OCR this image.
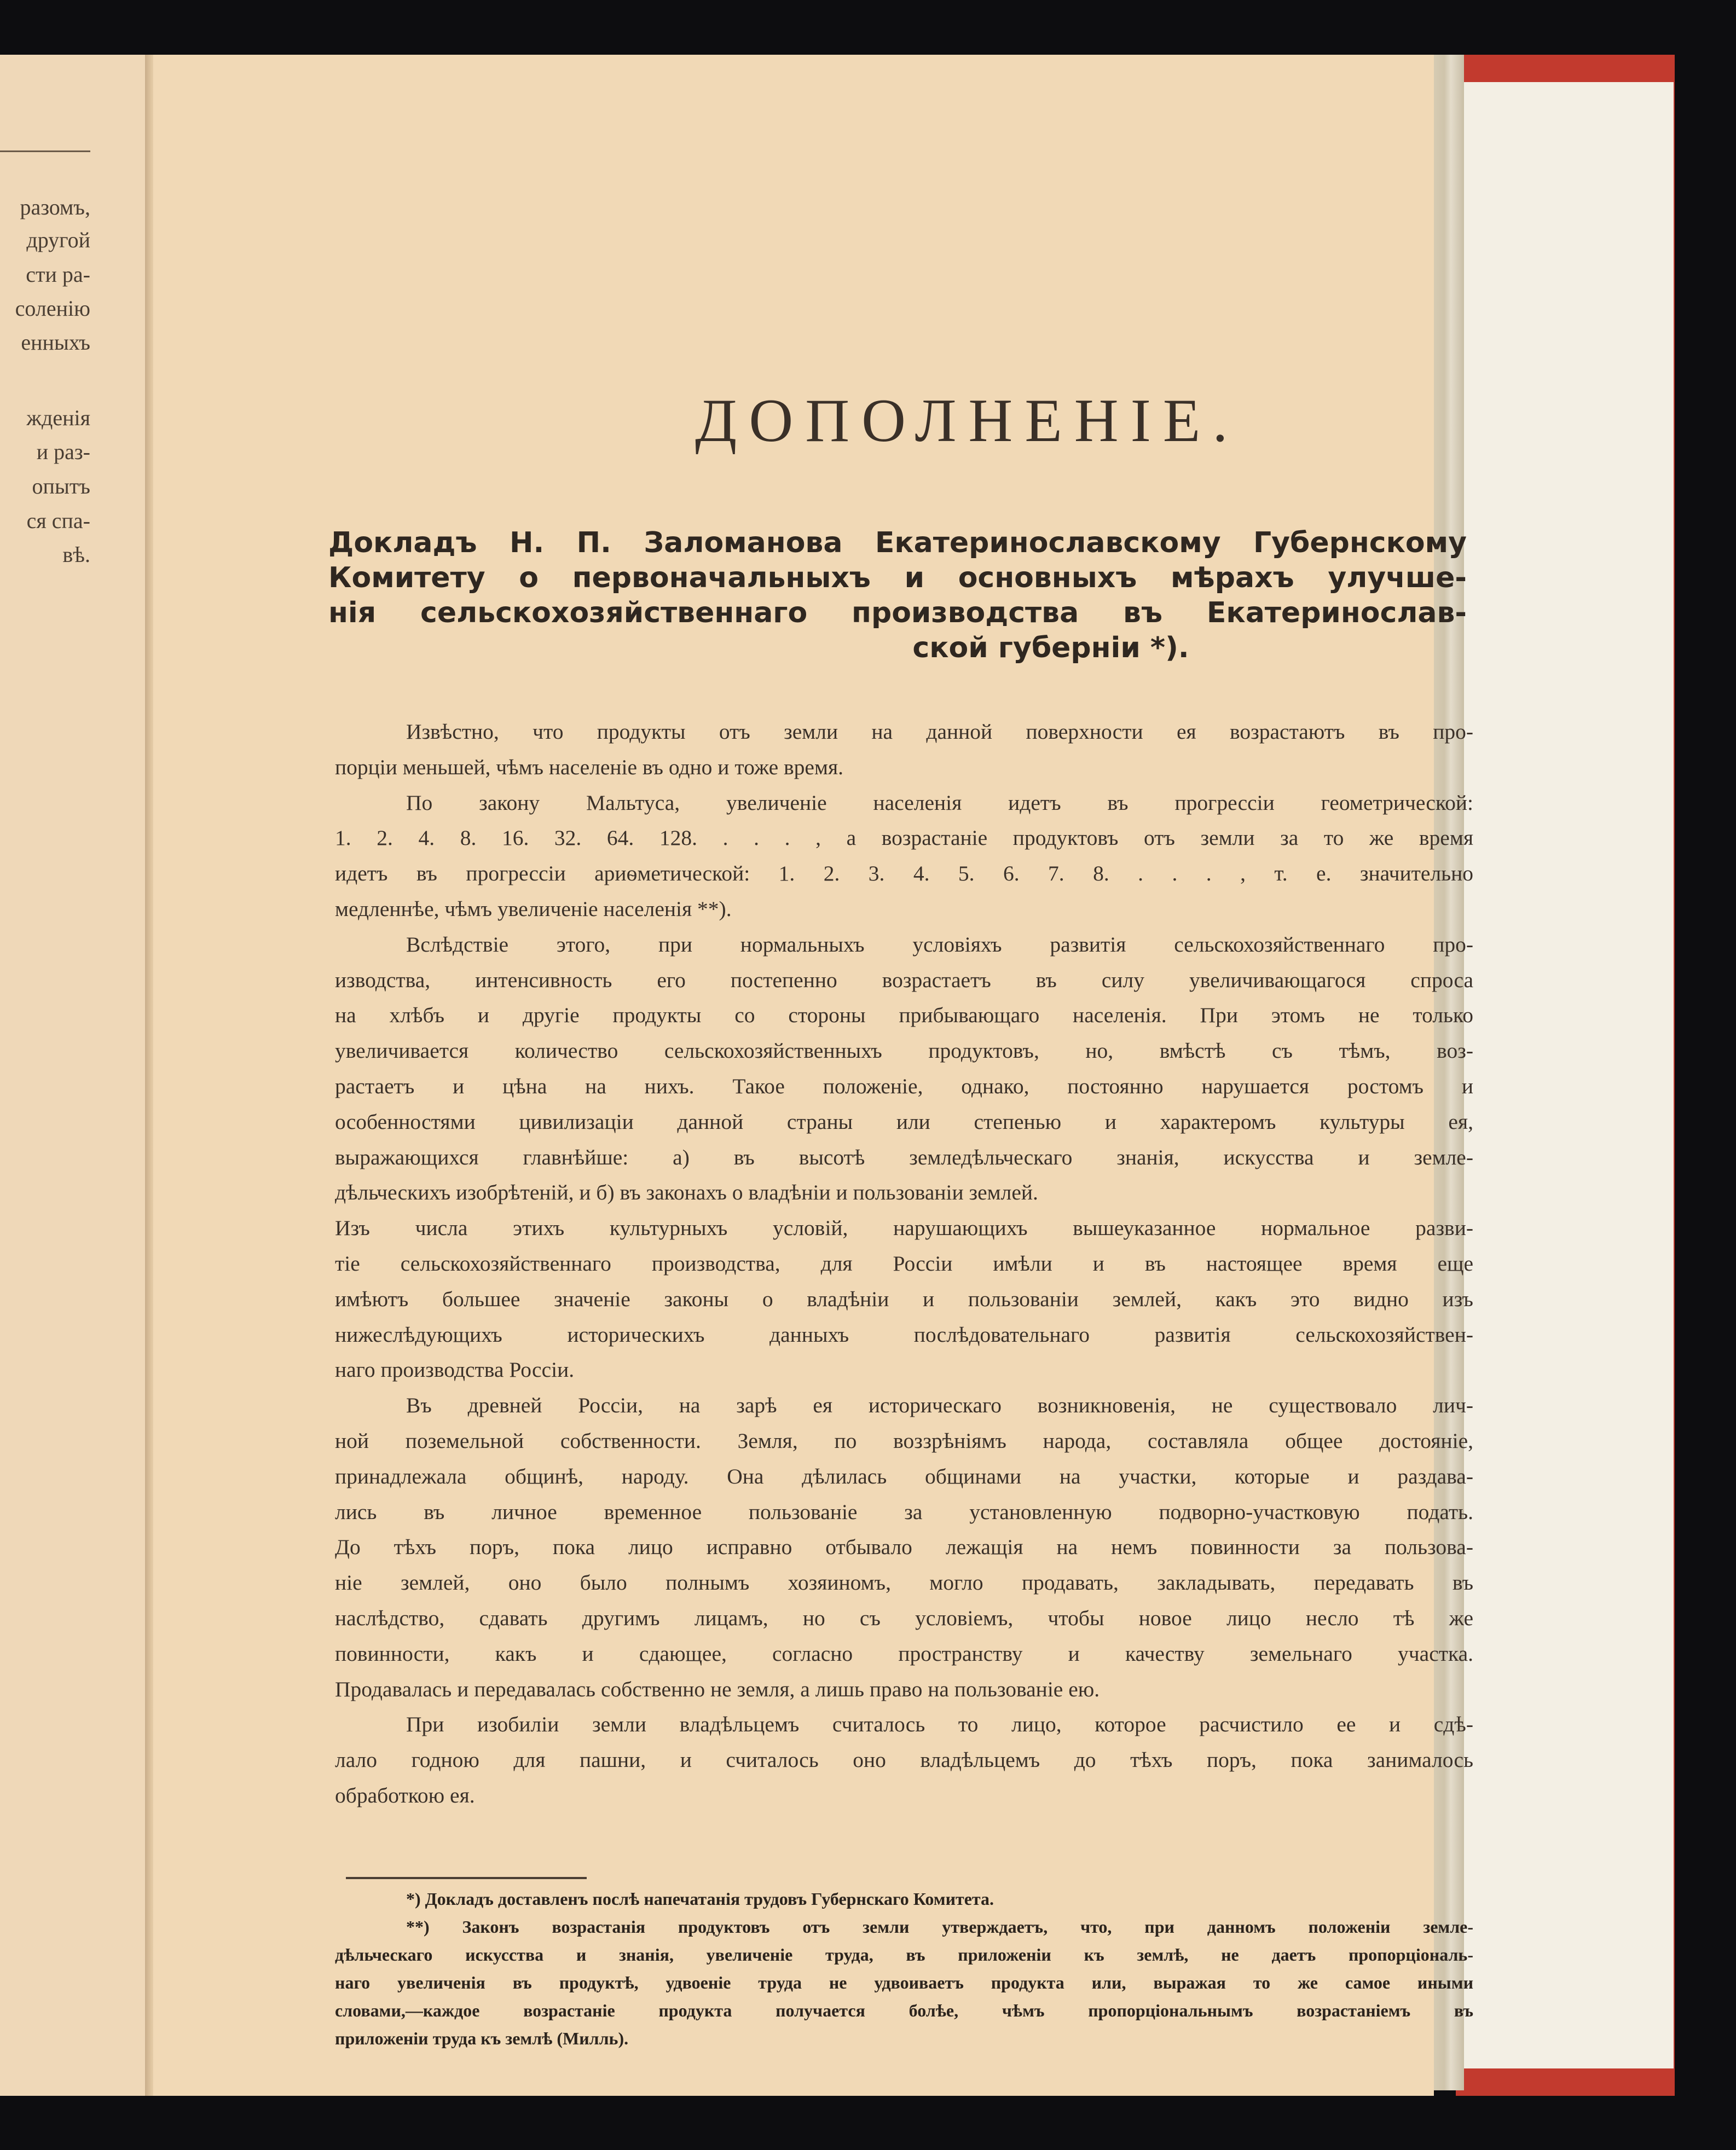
разомъ,
другой
сти ра-
соленію
енныхъ
жденія
и раз-
опытъ
ся спа-
вѣ.
ДОПОЛНЕНІЕ.
Докладъ Н. П. Заломанова Екатеринославскому Губернскому
Комитету о первоначальныхъ и основныхъ мѣрахъ улучше-
нія сельскохозяйственнаго производства въ Екатеринослав-
ской губерніи *).
Извѣстно, что продукты отъ земли на данной поверхности ея возрастаютъ въ про-
порціи меньшей, чѣмъ населеніе въ одно и тоже время.
По закону Мальтуса, увеличеніе населенія идетъ въ прогрессіи геометрической:
1. 2. 4. 8. 16. 32. 64. 128. . . . , а возрастаніе продуктовъ отъ земли за то же время
идетъ въ прогрессіи ариѳметической: 1. 2. 3. 4. 5. 6. 7. 8. . . . , т. е. значительно
медленнѣе, чѣмъ увеличеніе населенія **).
Вслѣдствіе этого, при нормальныхъ условіяхъ развитія сельскохозяйственнаго про-
изводства, интенсивность его постепенно возрастаетъ въ силу увеличивающагося спроса
на хлѣбъ и другіе продукты со стороны прибывающаго населенія. При этомъ не только
увеличивается количество сельскохозяйственныхъ продуктовъ, но, вмѣстѣ съ тѣмъ, воз-
растаетъ и цѣна на нихъ. Такое положеніе, однако, постоянно нарушается ростомъ и
особенностями цивилизаціи данной страны или степенью и характеромъ культуры ея,
выражающихся главнѣйше: а) въ высотѣ земледѣльческаго знанія, искусства и земле-
дѣльческихъ изобрѣтеній, и б) въ законахъ о владѣніи и пользованіи землей.
Изъ числа этихъ культурныхъ условій, нарушающихъ вышеуказанное нормальное разви-
тіе сельскохозяйственнаго производства, для Россіи имѣли и въ настоящее время еще
имѣютъ большее значеніе законы о владѣніи и пользованіи землей, какъ это видно изъ
нижеслѣдующихъ историческихъ данныхъ послѣдовательнаго развитія сельскохозяйствен-
наго производства Россіи.
Въ древней Россіи, на зарѣ ея историческаго возникновенія, не существовало лич-
ной поземельной собственности. Земля, по воззрѣніямъ народа, составляла общее достояніе,
принадлежала общинѣ, народу. Она дѣлилась общинами на участки, которые и раздава-
лись въ личное временное пользованіе за установленную подворно-участковую подать.
До тѣхъ поръ, пока лицо исправно отбывало лежащія на немъ повинности за пользова-
ніе землей, оно было полнымъ хозяиномъ, могло продавать, закладывать, передавать въ
наслѣдство, сдавать другимъ лицамъ, но съ условіемъ, чтобы новое лицо несло тѣ же
повинности, какъ и сдающее, согласно пространству и качеству земельнаго участка.
Продавалась и передавалась собственно не земля, а лишь право на пользованіе ею.
При изобиліи земли владѣльцемъ считалось то лицо, которое расчистило ее и сдѣ-
лало годною для пашни, и считалось оно владѣльцемъ до тѣхъ поръ, пока занималось
обработкою ея.
*) Докладъ доставленъ послѣ напечатанія трудовъ Губернскаго Комитета.
**) Законъ возрастанія продуктовъ отъ земли утверждаетъ, что, при данномъ положеніи земле-
дѣльческаго искусства и знанія, увеличеніе труда, въ приложеніи къ землѣ, не даетъ пропорціональ-
наго увеличенія въ продуктѣ, удвоеніе труда не удвоиваетъ продукта или, выражая то же самое иными
словами,—каждое возрастаніе продукта получается болѣе, чѣмъ пропорціональнымъ возрастаніемъ въ
приложеніи труда къ землѣ (Милль).
